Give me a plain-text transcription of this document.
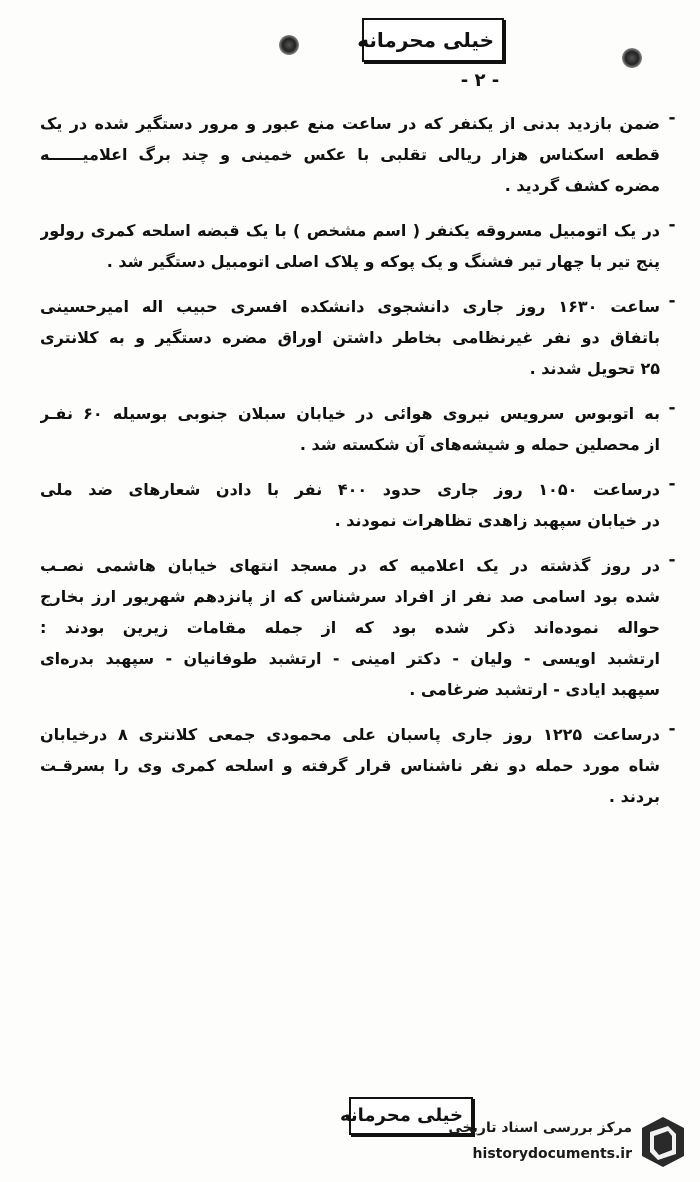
خیلی محرمانه
- ۲ -
-
ضمن بازدید بدنی از یکنفر که در ساعت منع عبور و مرور دستگیر شده در یک
قطعه اسکناس هزار ریالی تقلبی با عکس خمینی و چند برگ اعلامیــــــه
مضره کشف گردید .
-
در یک اتومبیل مسروقه یکنفر ( اسم مشخص ) با یک قبضه اسلحه کمری رولور
پنج تیر با چهار تیر فشنگ و یک پوکه و پلاک اصلی اتومبیل دستگیر شد .
-
ساعت ۱۶۳۰ روز جاری دانشجوی دانشکده افسری حبیب اله امیرحسینی
باتفاق دو نفر غیرنظامی بخاطر داشتن اوراق مضره دستگیر و به کلانتری
۲۵ تحویل شدند .
-
به اتوبوس سرویس نیروی هوائی در خیابان سبلان جنوبی بوسیله ۶۰ نفـر
از محصلین حمله و شیشه‌های آن شکسته شد .
-
درساعت ۱۰۵۰ روز جاری حدود ۴۰۰ نفر با دادن شعارهای ضد ملی
در خیابان سپهبد زاهدی تظاهرات نمودند .
-
در روز گذشته در یک اعلامیه که در مسجد انتهای خیابان هاشمی نصـب
شده بود اسامی صد نفر از افراد سرشناس که از پانزدهم شهریور ارز بخارج
حواله نموده‌اند ذکر شده بود که از جمله مقامات زیرین بودند :
ارتشبد اویسی - ولیان - دکتر امینی - ارتشبد طوفانیان - سپهبد بدره‌ای
سپهبد ایادی - ارتشبد ضرغامی .
-
درساعت ۱۲۲۵ روز جاری پاسبان علی محمودی جمعی کلانتری ۸ درخیابان
شاه مورد حمله دو نفر ناشناس قرار گرفته و اسلحه کمری وی را بسرقـت
بردند .
خیلی محرمانه
مرکز بررسی اسناد تاریخی
historydocuments.ir
